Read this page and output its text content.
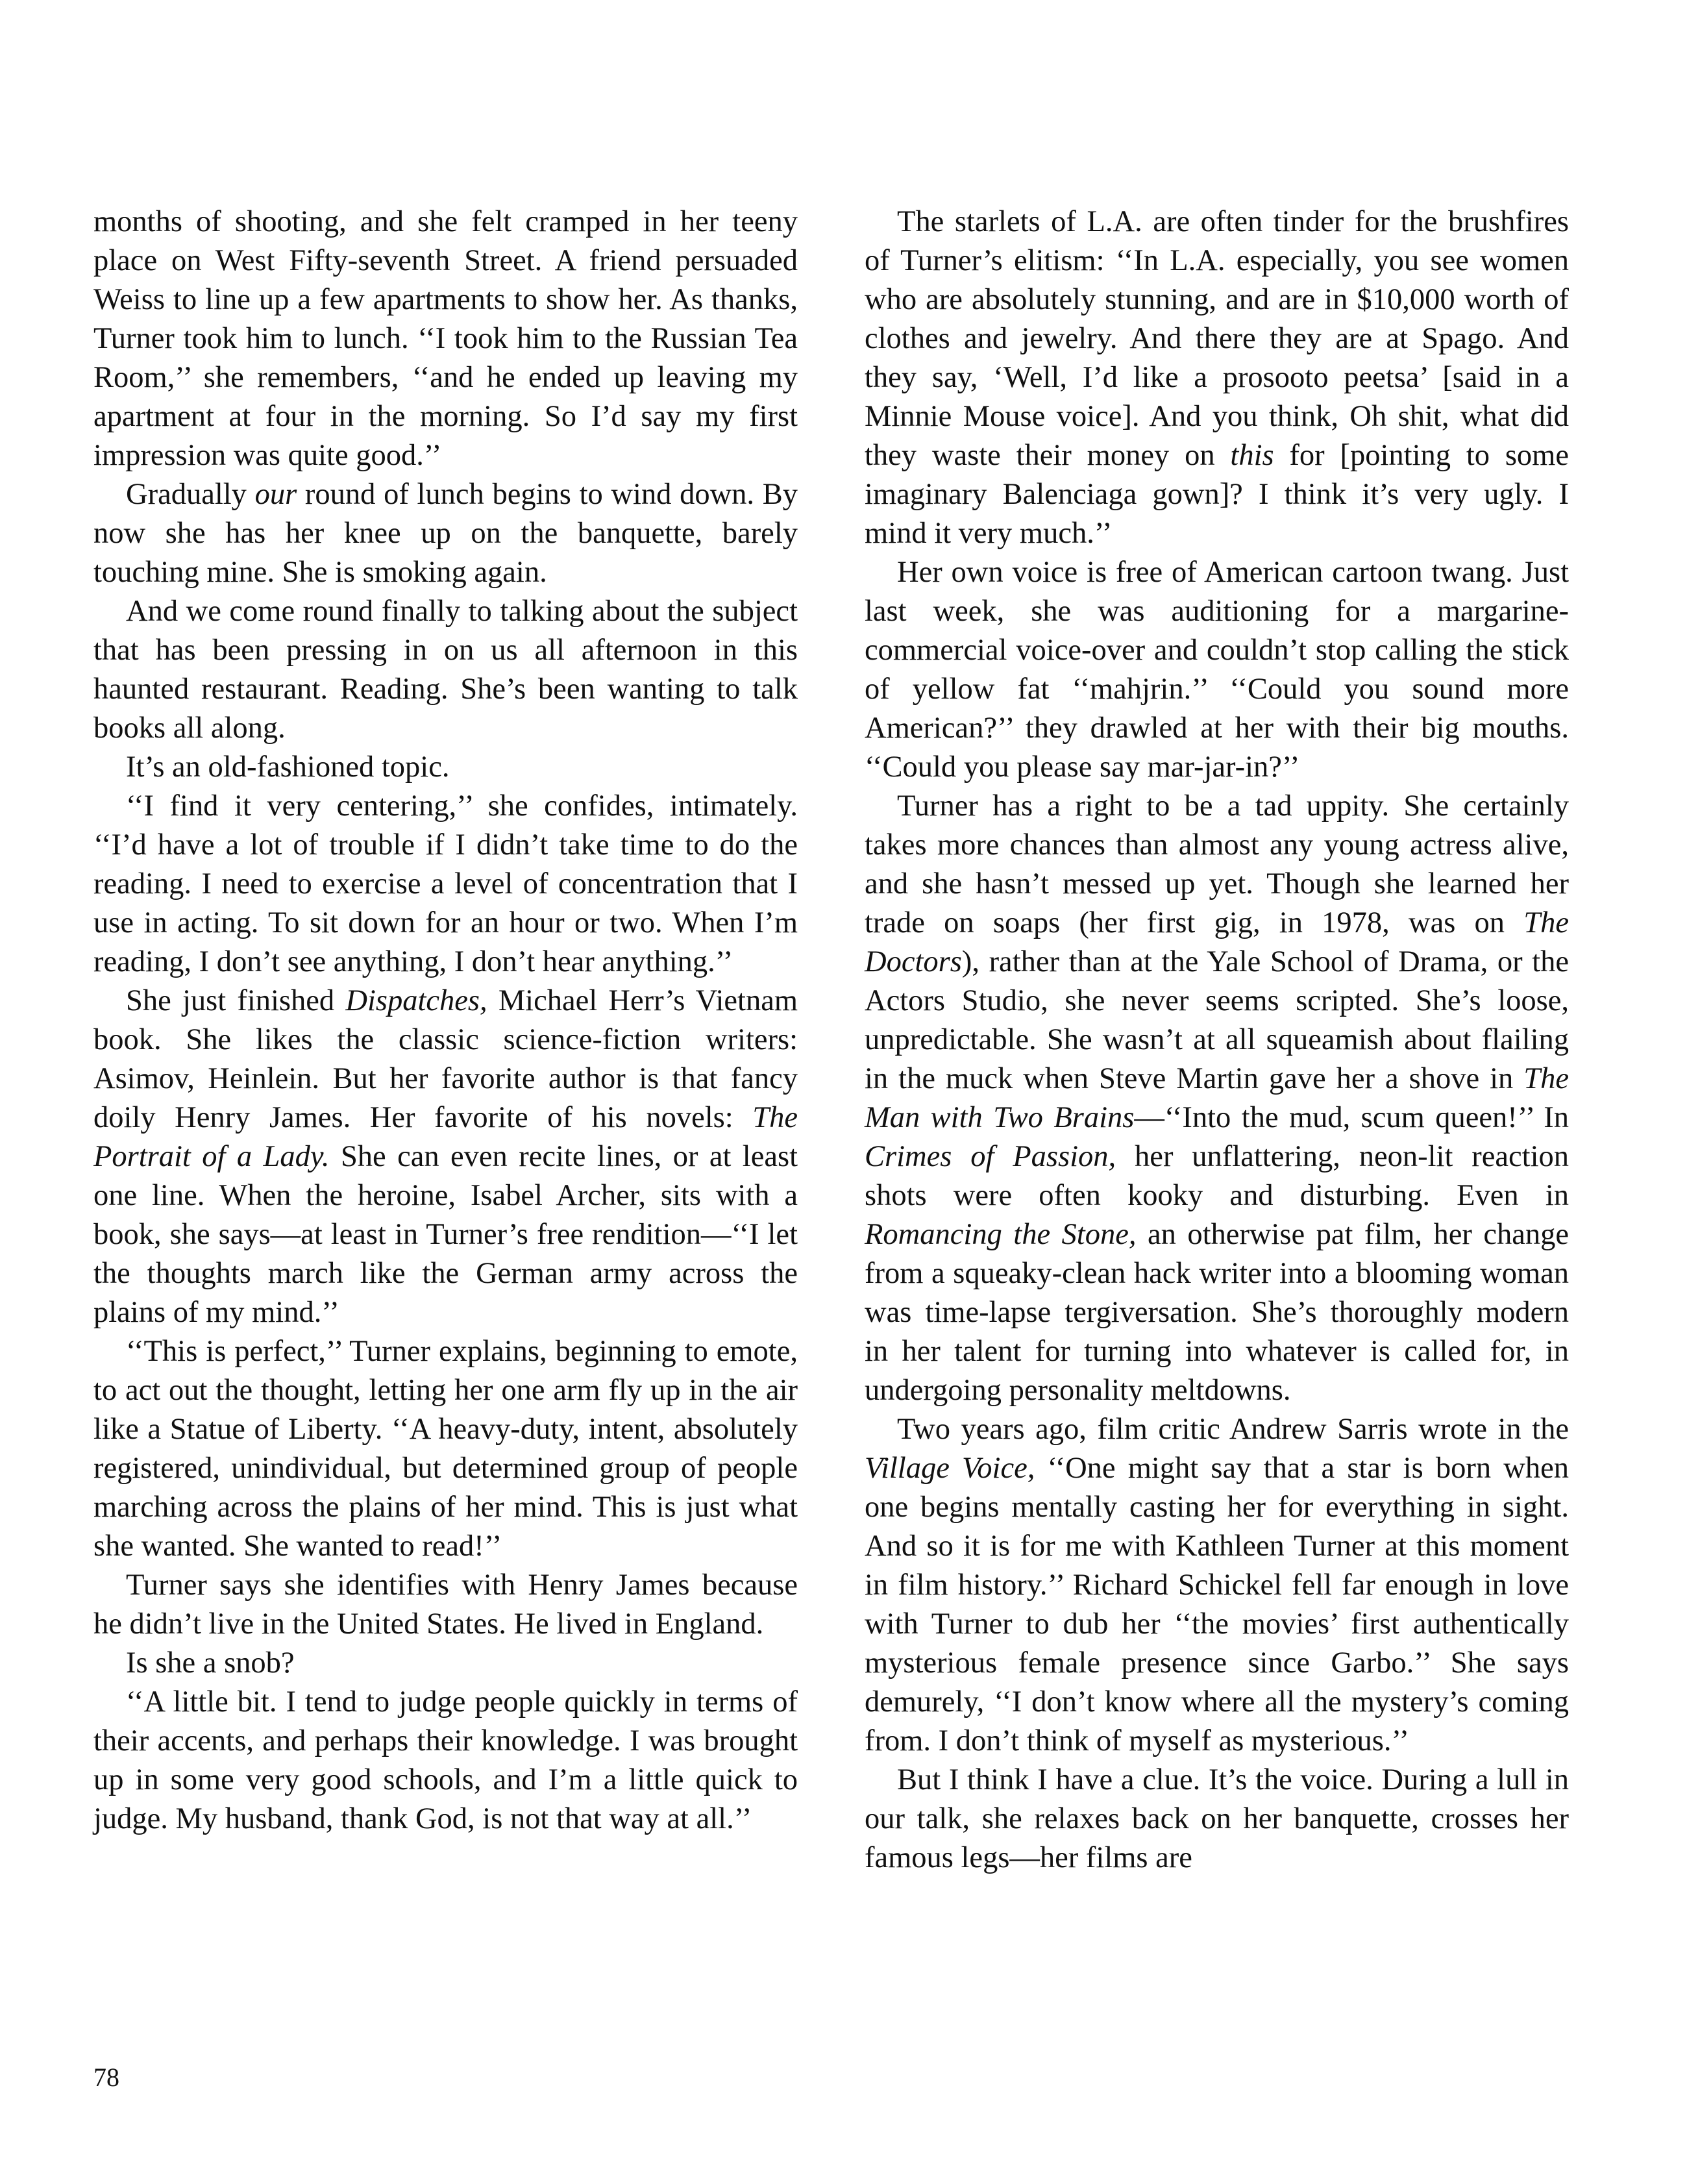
months of shooting, and she felt cramped in her teeny place on West Fifty-seventh Street. A friend persuaded Weiss to line up a few apartments to show her. As thanks, Turner took him to lunch. ‘‘I took him to the Russian Tea Room,’’ she remembers, ‘‘and he ended up leaving my apartment at four in the morning. So I’d say my first impression was quite good.’’

Gradually our round of lunch begins to wind down. By now she has her knee up on the banquette, barely touching mine. She is smoking again.

And we come round finally to talking about the subject that has been pressing in on us all afternoon in this haunted restaurant. Reading. She’s been wanting to talk books all along.

It’s an old-fashioned topic.

‘‘I find it very centering,’’ she confides, intimately. ‘‘I’d have a lot of trouble if I didn’t take time to do the reading. I need to exercise a level of concentration that I use in acting. To sit down for an hour or two. When I’m reading, I don’t see anything, I don’t hear anything.’’

She just finished Dispatches, Michael Herr’s Vietnam book. She likes the classic science-fiction writers: Asimov, Heinlein. But her favorite author is that fancy doily Henry James. Her favorite of his novels: The Portrait of a Lady. She can even recite lines, or at least one line. When the heroine, Isabel Archer, sits with a book, she says—at least in Turner’s free rendition—‘‘I let the thoughts march like the German army across the plains of my mind.’’

‘‘This is perfect,’’ Turner explains, beginning to emote, to act out the thought, letting her one arm fly up in the air like a Statue of Liberty. ‘‘A heavy-duty, intent, absolutely registered, unindividual, but determined group of people marching across the plains of her mind. This is just what she wanted. She wanted to read!’’

Turner says she identifies with Henry James because he didn’t live in the United States. He lived in England.

Is she a snob?

‘‘A little bit. I tend to judge people quickly in terms of their accents, and perhaps their knowledge. I was brought up in some very good schools, and I’m a little quick to judge. My husband, thank God, is not that way at all.’’

The starlets of L.A. are often tinder for the brushfires of Turner’s elitism: ‘‘In L.A. especially, you see women who are absolutely stunning, and are in $10,000 worth of clothes and jewelry. And there they are at Spago. And they say, ‘Well, I’d like a prosooto peetsa’ [said in a Minnie Mouse voice]. And you think, Oh shit, what did they waste their money on this for [pointing to some imaginary Balenciaga gown]? I think it’s very ugly. I mind it very much.’’

Her own voice is free of American cartoon twang. Just last week, she was auditioning for a margarine-commercial voice-over and couldn’t stop calling the stick of yellow fat ‘‘mahjrin.’’ ‘‘Could you sound more American?’’ they drawled at her with their big mouths. ‘‘Could you please say mar-jar-in?’’

Turner has a right to be a tad uppity. She certainly takes more chances than almost any young actress alive, and she hasn’t messed up yet. Though she learned her trade on soaps (her first gig, in 1978, was on The Doctors), rather than at the Yale School of Drama, or the Actors Studio, she never seems scripted. She’s loose, unpredictable. She wasn’t at all squeamish about flailing in the muck when Steve Martin gave her a shove in The Man with Two Brains—‘‘Into the mud, scum queen!’’ In Crimes of Passion, her unflattering, neon-lit reaction shots were often kooky and disturbing. Even in Romancing the Stone, an otherwise pat film, her change from a squeaky-clean hack writer into a blooming woman was time-lapse tergiversation. She’s thoroughly modern in her talent for turning into whatever is called for, in undergoing personality meltdowns.

Two years ago, film critic Andrew Sarris wrote in the Village Voice, ‘‘One might say that a star is born when one begins mentally casting her for everything in sight. And so it is for me with Kathleen Turner at this moment in film history.’’ Richard Schickel fell far enough in love with Turner to dub her ‘‘the movies’ first authentically mysterious female presence since Garbo.’’ She says demurely, ‘‘I don’t know where all the mystery’s coming from. I don’t think of myself as mysterious.’’

But I think I have a clue. It’s the voice. During a lull in our talk, she relaxes back on her banquette, crosses her famous legs—her films are

78
